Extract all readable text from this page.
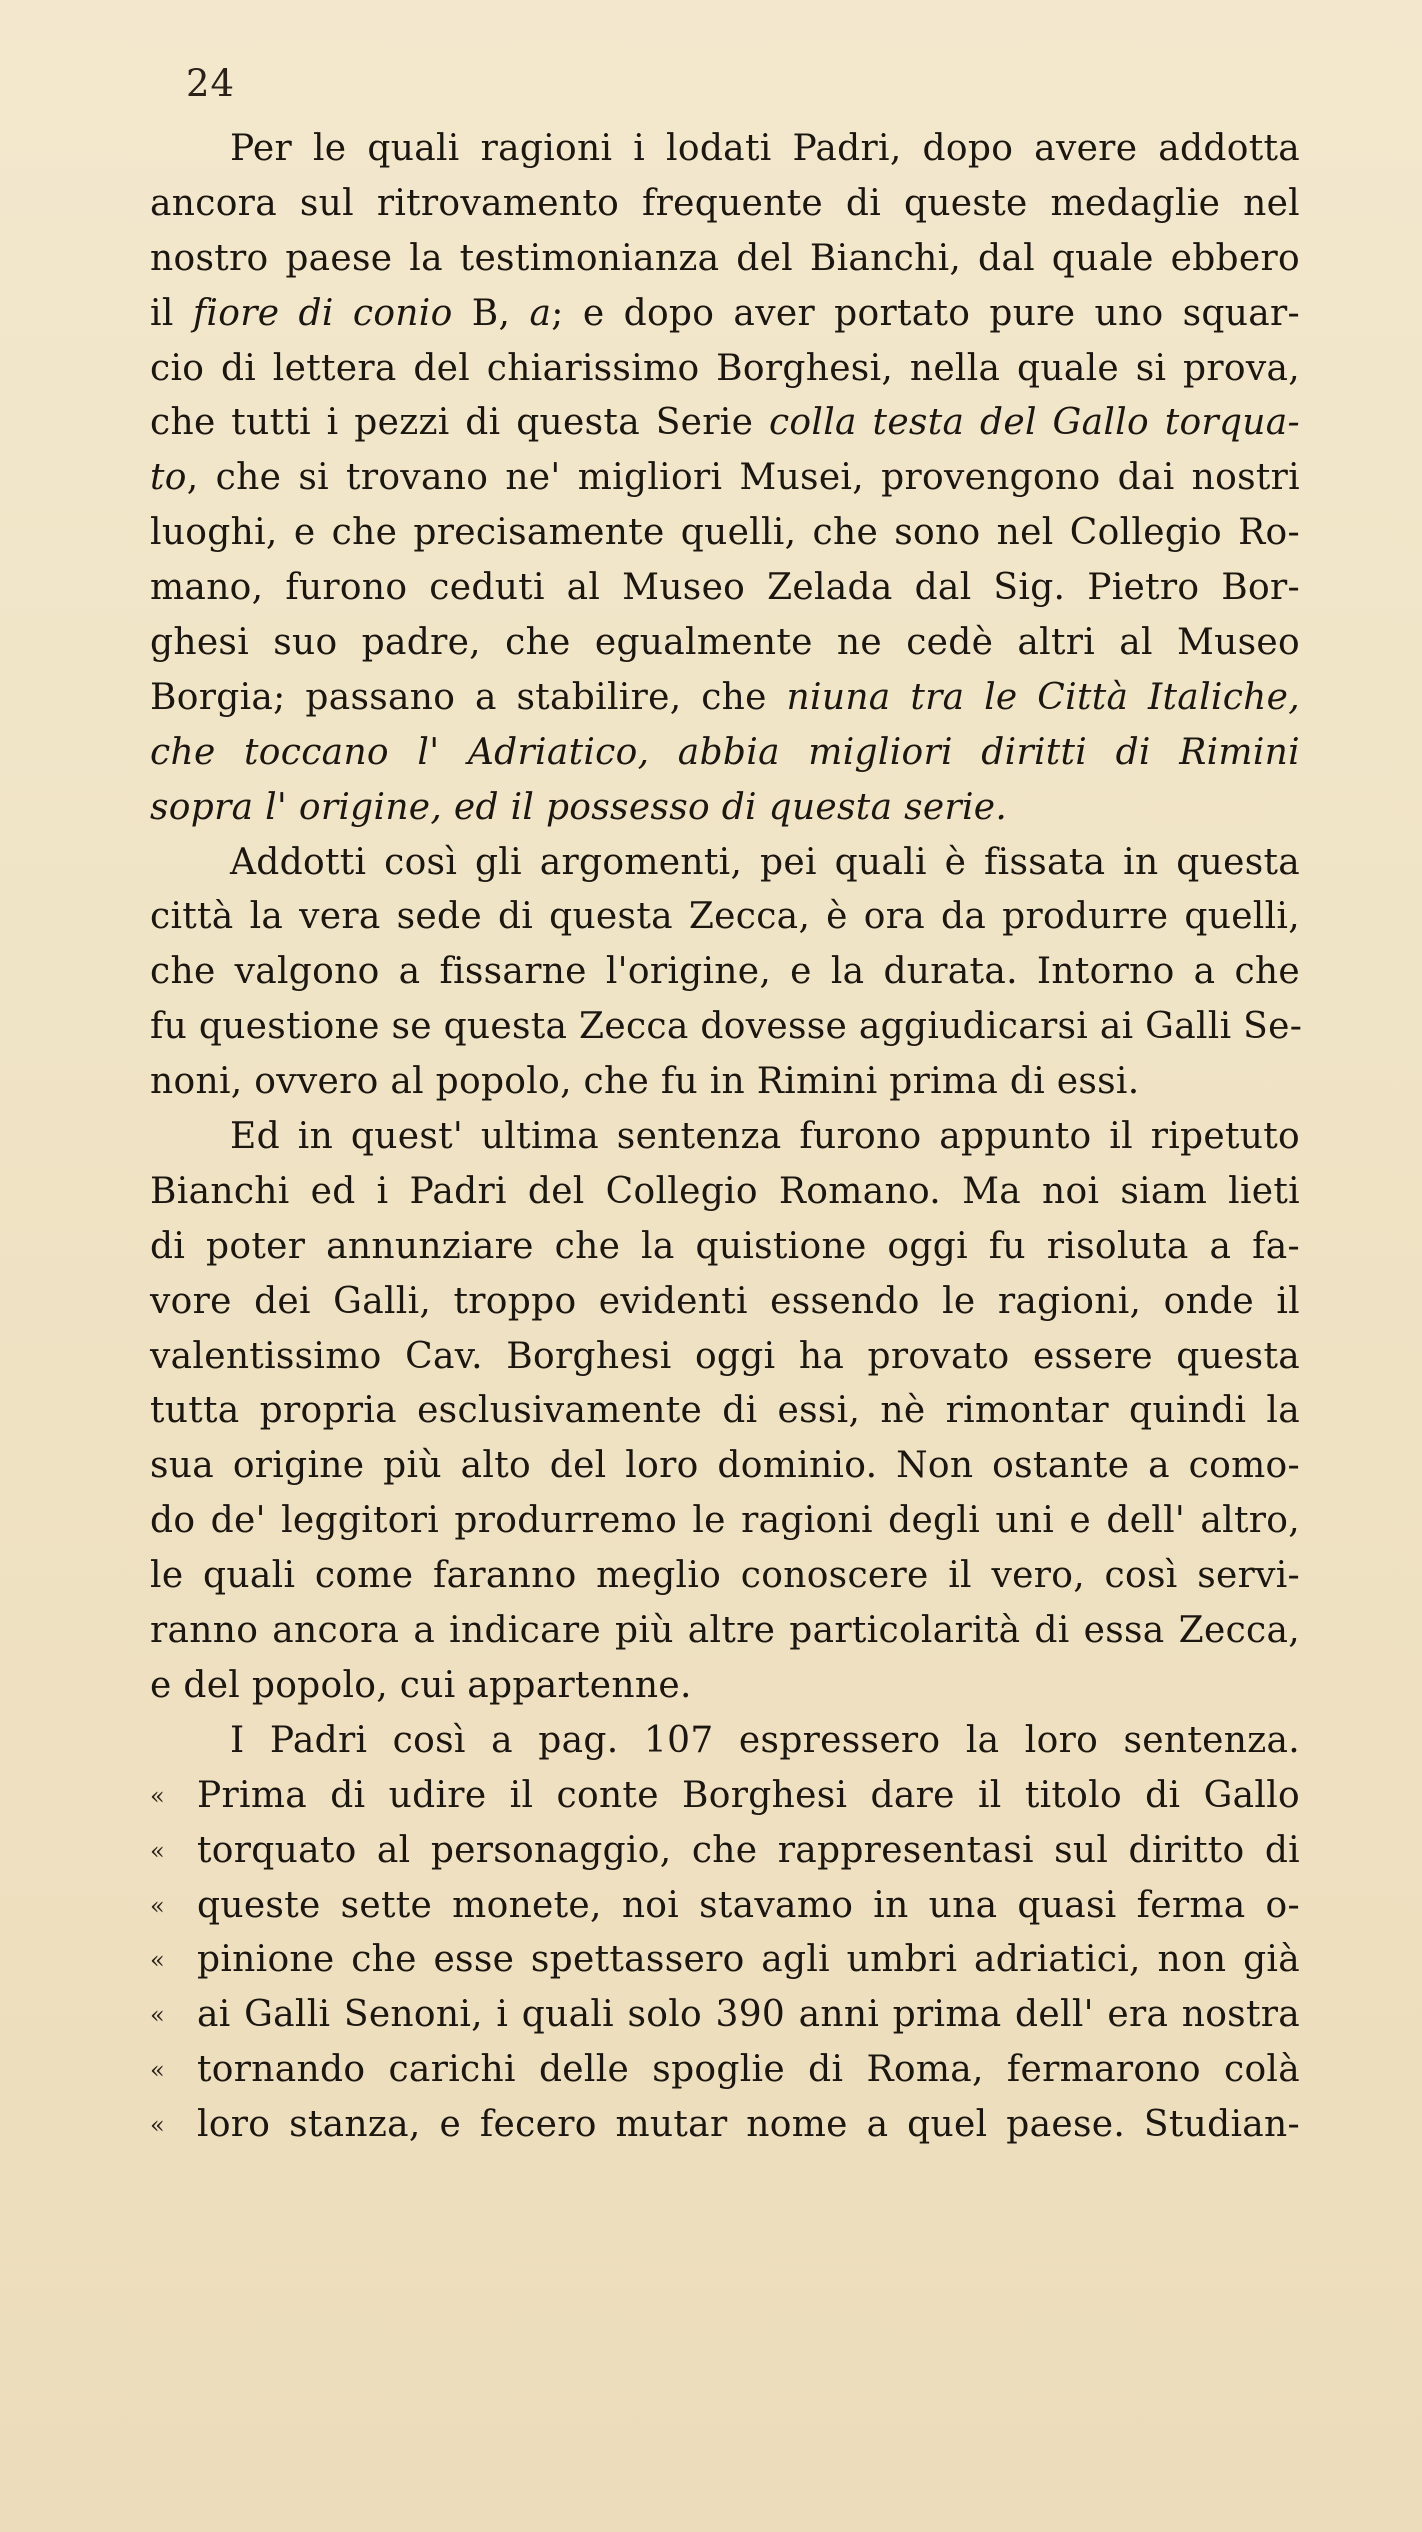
24
Per le quali ragioni i lodati Padri, dopo avere addotta
ancora sul ritrovamento frequente di queste medaglie nel
nostro paese la testimonianza del Bianchi, dal quale ebbero
il fiore di conio B, a; e dopo aver portato pure uno squar-
cio di lettera del chiarissimo Borghesi, nella quale si prova,
che tutti i pezzi di questa Serie colla testa del Gallo torqua-
to, che si trovano ne' migliori Musei, provengono dai nostri
luoghi, e che precisamente quelli, che sono nel Collegio Ro-
mano, furono ceduti al Museo Zelada dal Sig. Pietro Bor-
ghesi suo padre, che egualmente ne cedè altri al Museo
Borgia; passano a stabilire, che niuna tra le Città Italiche,
che toccano l' Adriatico, abbia migliori diritti di Rimini
sopra l' origine, ed il possesso di questa serie.
Addotti così gli argomenti, pei quali è fissata in questa
città la vera sede di questa Zecca, è ora da produrre quelli,
che valgono a fissarne l'origine, e la durata. Intorno a che
fu questione se questa Zecca dovesse aggiudicarsi ai Galli Se-
noni, ovvero al popolo, che fu in Rimini prima di essi.
Ed in quest' ultima sentenza furono appunto il ripetuto
Bianchi ed i Padri del Collegio Romano. Ma noi siam lieti
di poter annunziare che la quistione oggi fu risoluta a fa-
vore dei Galli, troppo evidenti essendo le ragioni, onde il
valentissimo Cav. Borghesi oggi ha provato essere questa
tutta propria esclusivamente di essi, nè rimontar quindi la
sua origine più alto del loro dominio. Non ostante a como-
do de' leggitori produrremo le ragioni degli uni e dell' altro,
le quali come faranno meglio conoscere il vero, così servi-
ranno ancora a indicare più altre particolarità di essa Zecca,
e del popolo, cui appartenne.
I Padri così a pag. 107 espressero la loro sentenza.
« Prima di udire il conte Borghesi dare il titolo di Gallo
« torquato al personaggio, che rappresentasi sul diritto di
« queste sette monete, noi stavamo in una quasi ferma o-
« pinione che esse spettassero agli umbri adriatici, non già
« ai Galli Senoni, i quali solo 390 anni prima dell' era nostra
« tornando carichi delle spoglie di Roma, fermarono colà
« loro stanza, e fecero mutar nome a quel paese. Studian-
